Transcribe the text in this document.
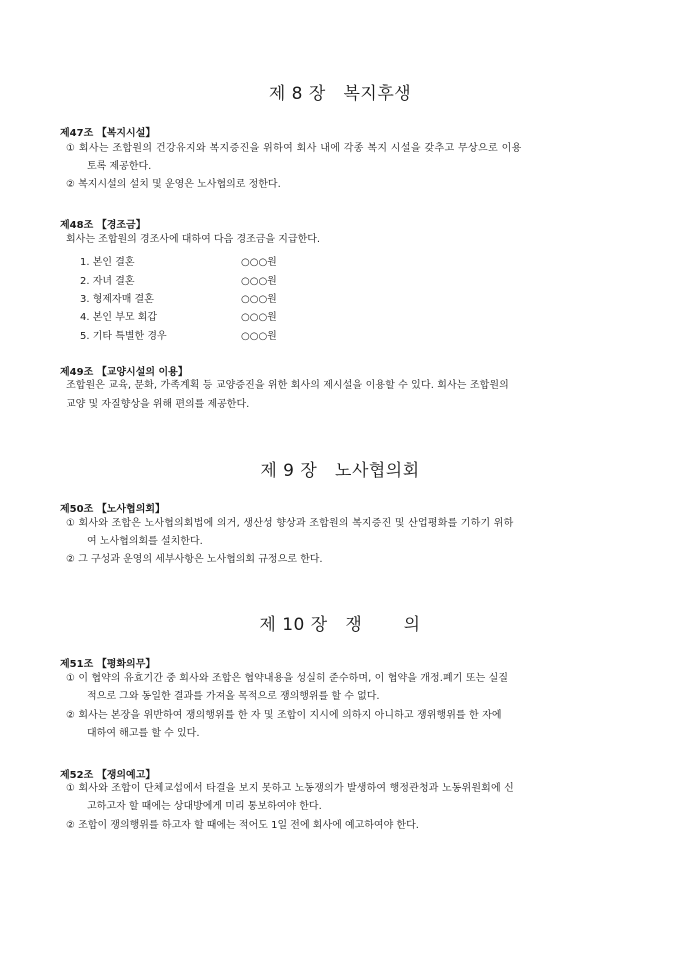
제 8 장   복지후생
제47조 【복지시설】
① 회사는 조합원의 건강유지와 복지증진을 위하여 회사 내에 각종 복지 시설을 갖추고 무상으로 이용
토록 제공한다.
② 복지시설의 설치 및 운영은 노사협의로 정한다.
제48조 【경조금】
회사는 조합원의 경조사에 대하여 다음 경조금을 지급한다.
1. 본인 결혼	○○○원
2. 자녀 결혼	○○○원
3. 형제자매 결혼	○○○원
4. 본인 부모 회갑	○○○원
5. 기타 특별한 경우	○○○원
제49조 【교양시설의 이용】
조합원은 교육, 문화, 가족계획 등 교양증진을 위한 회사의 제시설을 이용할 수 있다. 회사는 조합원의
교양 및 자질향상을 위해 편의를 제공한다.
제 9 장   노사협의회
제50조 【노사협의회】
① 회사와 조합은 노사협의회법에 의거, 생산성 향상과 조합원의 복지증진 및 산업평화를 기하기 위하
여 노사협의회를 설치한다.
② 그 구성과 운영의 세부사항은 노사협의회 규정으로 한다.
제 10 장   쟁       의
제51조 【평화의무】
① 이 협약의 유효기간 중 회사와 조합은 협약내용을 성실히 준수하며, 이 협약을 개정.폐기 또는 실질
적으로 그와 동일한 결과를 가져올 목적으로 쟁의행위를 할 수 없다.
② 회사는 본장을 위반하여 쟁의행위를 한 자 및 조합이 지시에 의하지 아니하고 쟁위행위를 한 자에
대하여 해고를 할 수 있다.
제52조 【쟁의예고】
① 회사와 조합이 단체교섭에서 타결을 보지 못하고 노동쟁의가 발생하여 행정관청과 노동위원회에 신
고하고자 할 때에는 상대방에게 미리 통보하여야 한다.
② 조합이 쟁의행위를 하고자 할 때에는 적어도 1일 전에 회사에 예고하여야 한다.
